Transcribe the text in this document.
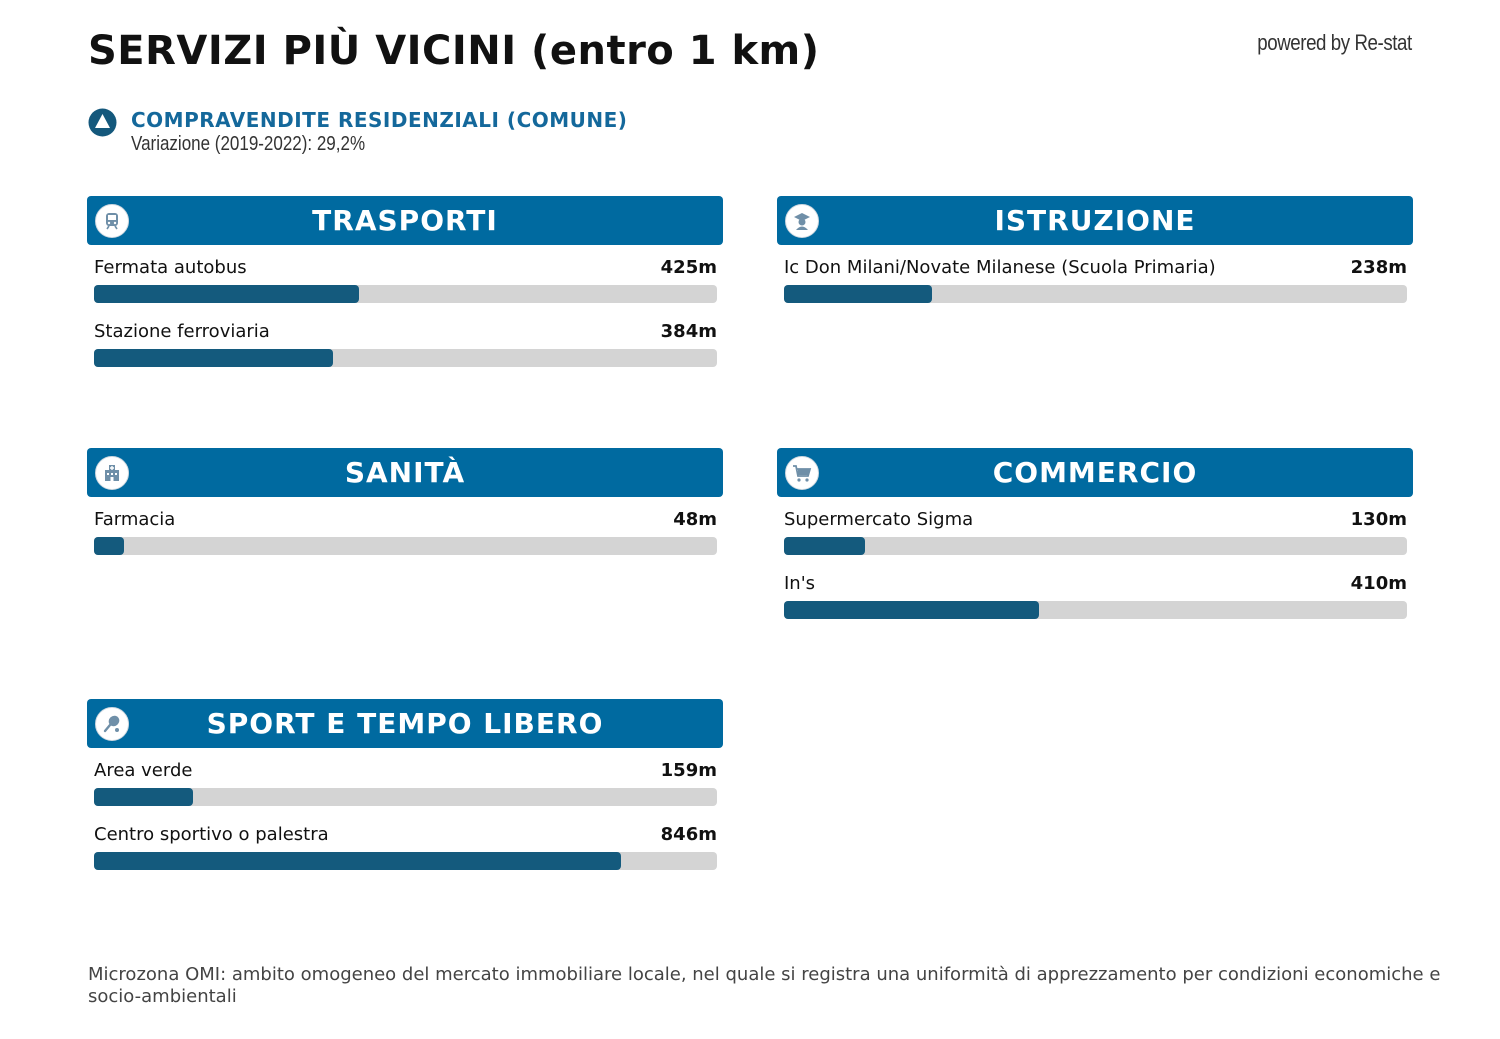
SERVIZI PIÙ VICINI (entro 1 km)	powered by Re-stat
COMPRAVENDITE RESIDENZIALI (COMUNE)
Variazione (2019-2022): 29,2%
TRASPORTI
Fermata autobus	425m
Stazione ferroviaria	384m
ISTRUZIONE
Ic Don Milani/Novate Milanese (Scuola Primaria)	238m
SANITÀ
Farmacia	48m
COMMERCIO
Supermercato Sigma	130m
In's	410m
SPORT E TEMPO LIBERO
Area verde	159m
Centro sportivo o palestra	846m
Microzona OMI: ambito omogeneo del mercato immobiliare locale, nel quale si registra una uniformità di apprezzamento per condizioni economiche e socio-ambientali
